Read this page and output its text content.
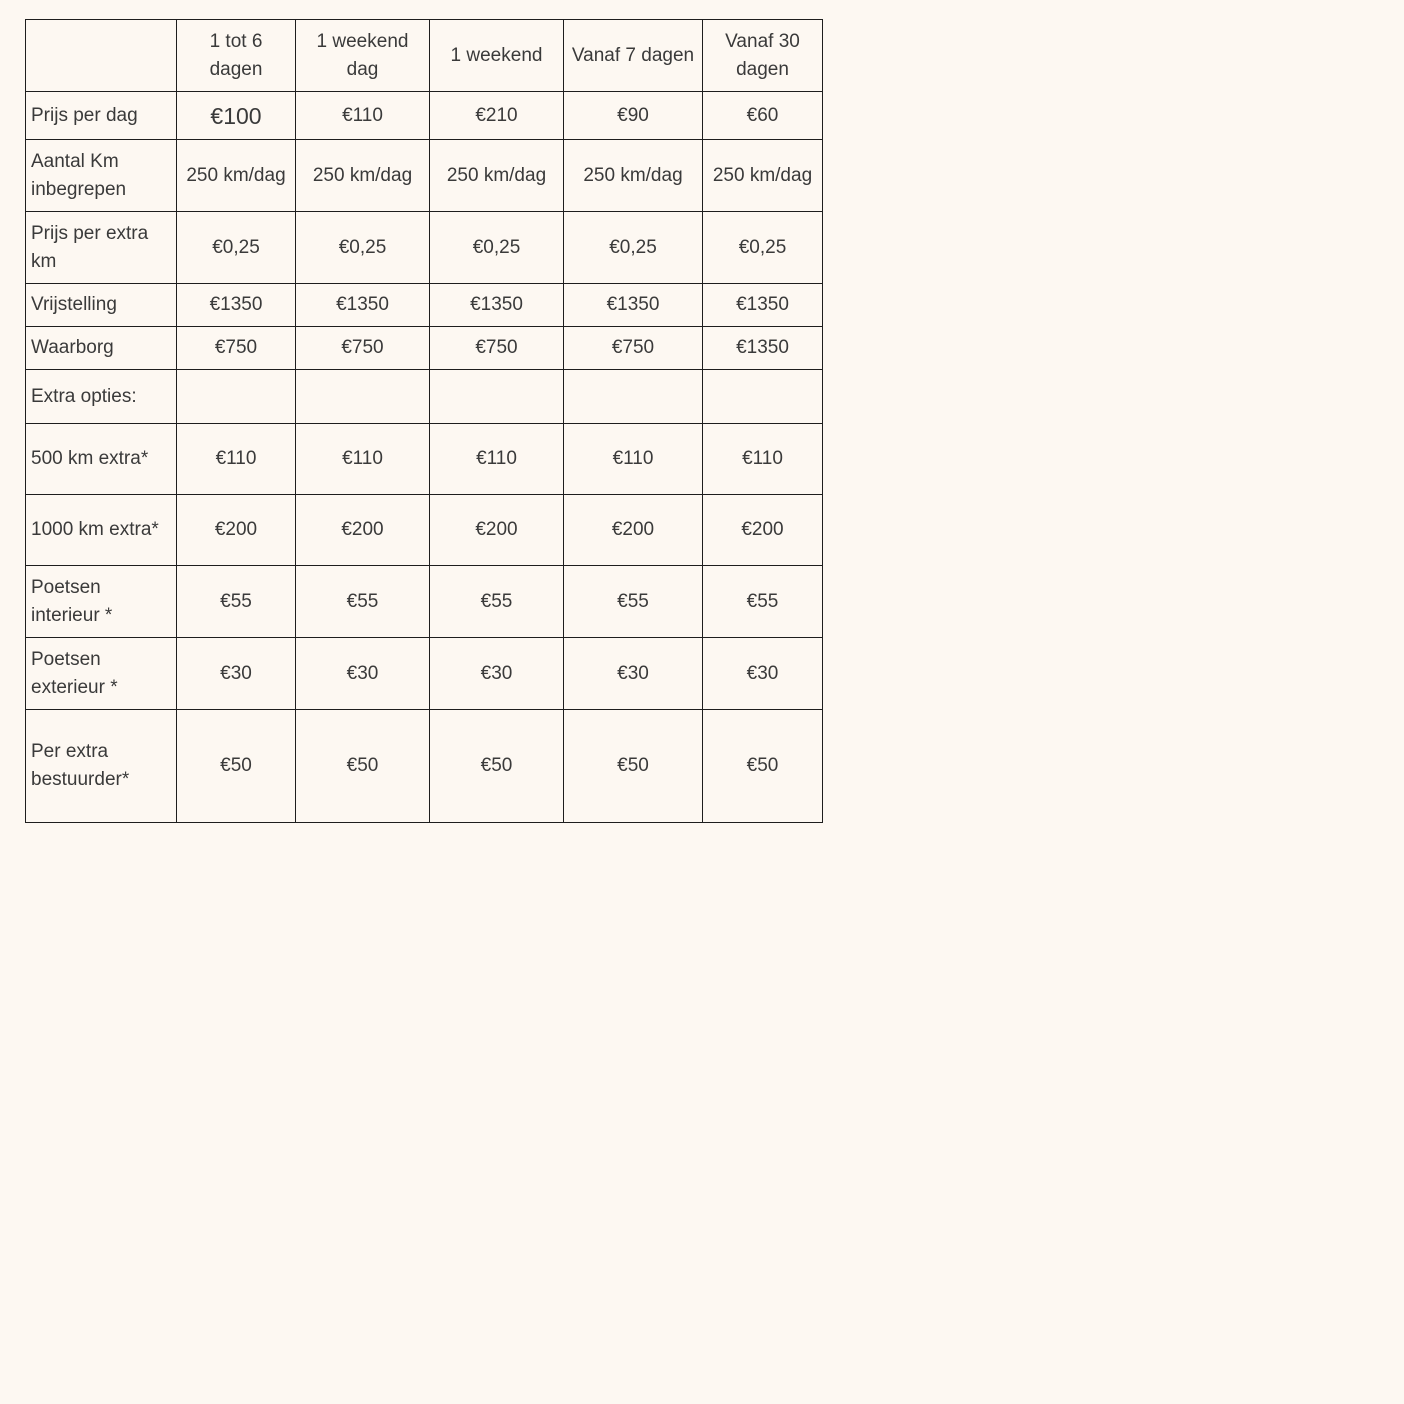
	1 tot 6 dagen	1 weekend dag	1 weekend	Vanaf 7 dagen	Vanaf 30 dagen
Prijs per dag	€100	€110	€210	€90	€60
Aantal Km inbegrepen	250 km/dag	250 km/dag	250 km/dag	250 km/dag	250 km/dag
Prijs per extra km	€0,25	€0,25	€0,25	€0,25	€0,25
Vrijstelling	€1350	€1350	€1350	€1350	€1350
Waarborg	€750	€750	€750	€750	€1350
Extra opties:					
500 km extra*	€110	€110	€110	€110	€110
1000 km extra*	€200	€200	€200	€200	€200
Poetsen interieur *	€55	€55	€55	€55	€55
Poetsen exterieur *	€30	€30	€30	€30	€30
Per extra bestuurder*	€50	€50	€50	€50	€50
